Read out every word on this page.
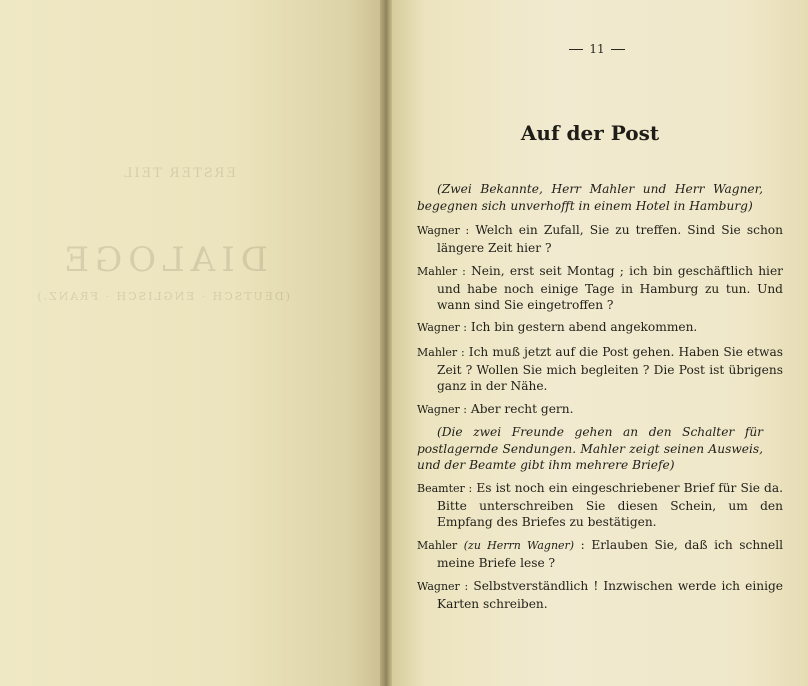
ERSTER TEIL
DIALOGE
(DEUTSCH · ENGLISCH · FRANZ.)
11
Auf der Post
(Zwei Bekannte, Herr Mahler und Herr Wagner, begegnen sich unverhofft in einem Hotel in Hamburg)
Wagner : Welch ein Zufall, Sie zu treffen. Sind Sie schon längere Zeit hier ?
Mahler : Nein, erst seit Montag ; ich bin geschäftlich hier und habe noch einige Tage in Hamburg zu tun. Und wann sind Sie eingetroffen ?
Wagner : Ich bin gestern abend angekommen.
Mahler : Ich muß jetzt auf die Post gehen. Haben Sie etwas Zeit ? Wollen Sie mich begleiten ? Die Post ist übrigens ganz in der Nähe.
Wagner : Aber recht gern.
(Die zwei Freunde gehen an den Schalter für postlagernde Sendungen. Mahler zeigt seinen Ausweis, und der Beamte gibt ihm mehrere Briefe)
Beamter : Es ist noch ein eingeschriebener Brief für Sie da. Bitte unterschreiben Sie diesen Schein, um den Empfang des Briefes zu bestätigen.
Mahler (zu Herrn Wagner) : Erlauben Sie, daß ich schnell meine Briefe lese ?
Wagner : Selbstverständlich ! Inzwischen werde ich einige Karten schreiben.
